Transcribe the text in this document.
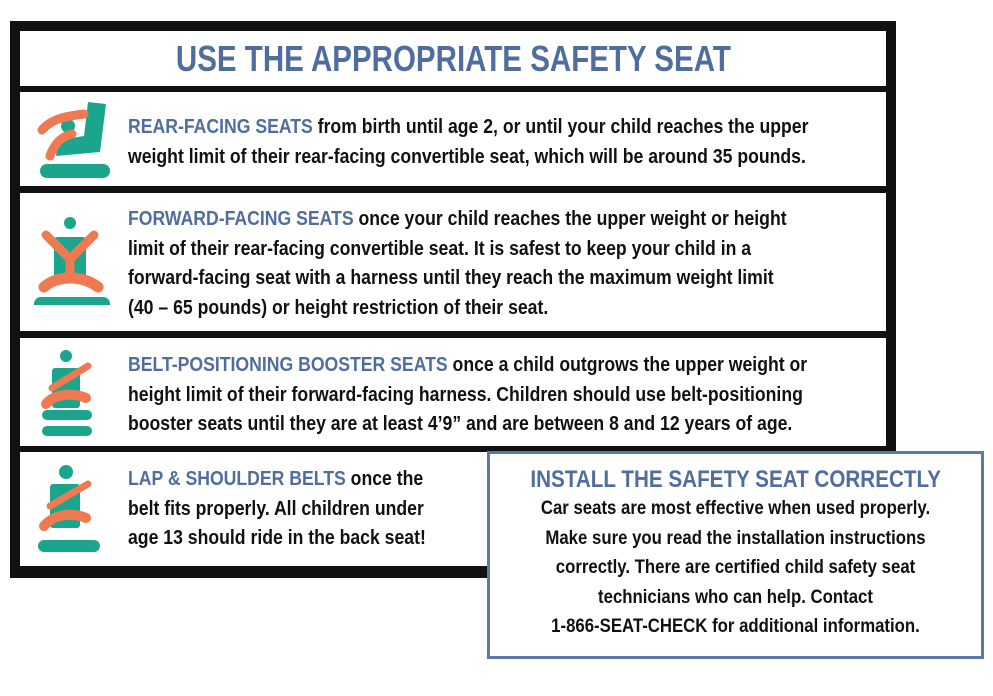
USE THE APPROPRIATE SAFETY SEAT
REAR-FACING SEATS from birth until age 2, or until your child reaches the upper
weight limit of their rear-facing convertible seat, which will be around 35 pounds.
FORWARD-FACING SEATS once your child reaches the upper weight or height
limit of their rear-facing convertible seat. It is safest to keep your child in a
forward-facing seat with a harness until they reach the maximum weight limit
(40 – 65 pounds) or height restriction of their seat.
BELT-POSITIONING BOOSTER SEATS once a child outgrows the upper weight or
height limit of their forward-facing harness. Children should use belt-positioning
booster seats until they are at least 4’9” and are between 8 and 12 years of age.
LAP & SHOULDER BELTS once the
belt fits properly. All children under
age 13 should ride in the back seat!
INSTALL THE SAFETY SEAT CORRECTLY
Car seats are most effective when used properly.
Make sure you read the installation instructions
correctly. There are certified child safety seat
technicians who can help. Contact
1-866-SEAT-CHECK for additional information.
